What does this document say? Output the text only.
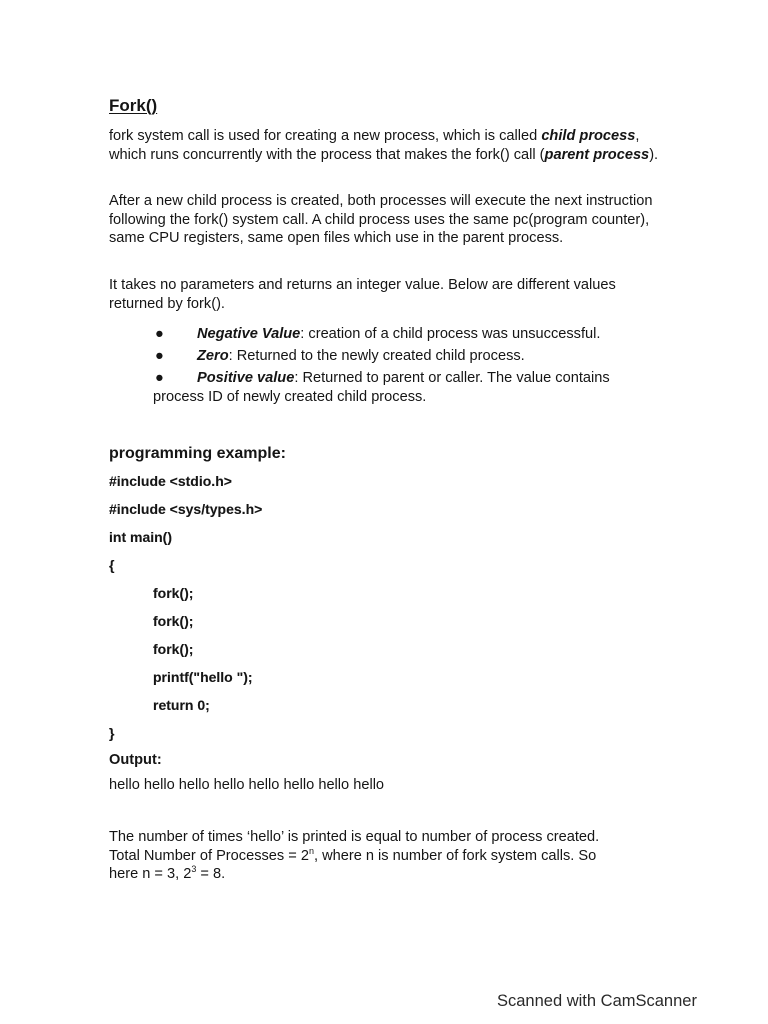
Fork()

fork system call is used for creating a new process, which is called child process, which runs concurrently with the process that makes the fork() call (parent process).

After a new child process is created, both processes will execute the next instruction following the fork() system call. A child process uses the same pc(program counter), same CPU registers, same open files which use in the parent process.

It takes no parameters and returns an integer value. Below are different values returned by fork().

● Negative Value: creation of a child process was unsuccessful.
● Zero: Returned to the newly created child process.
●	Positive value: Returned to parent or caller. The value contains
process ID of newly created child process.
programming example:
#include <stdio.h>
#include <sys/types.h>
int main()
{
fork();
fork();
fork();
printf("hello ");
return 0;
}
Output:
hello hello hello hello hello hello hello hello

The number of times ‘hello’ is printed is equal to number of process created.
Total Number of Processes = $2^n$, where n is number of fork system calls. So
here n = 3, $2^3 = 8$.

Scanned with CamScanner
